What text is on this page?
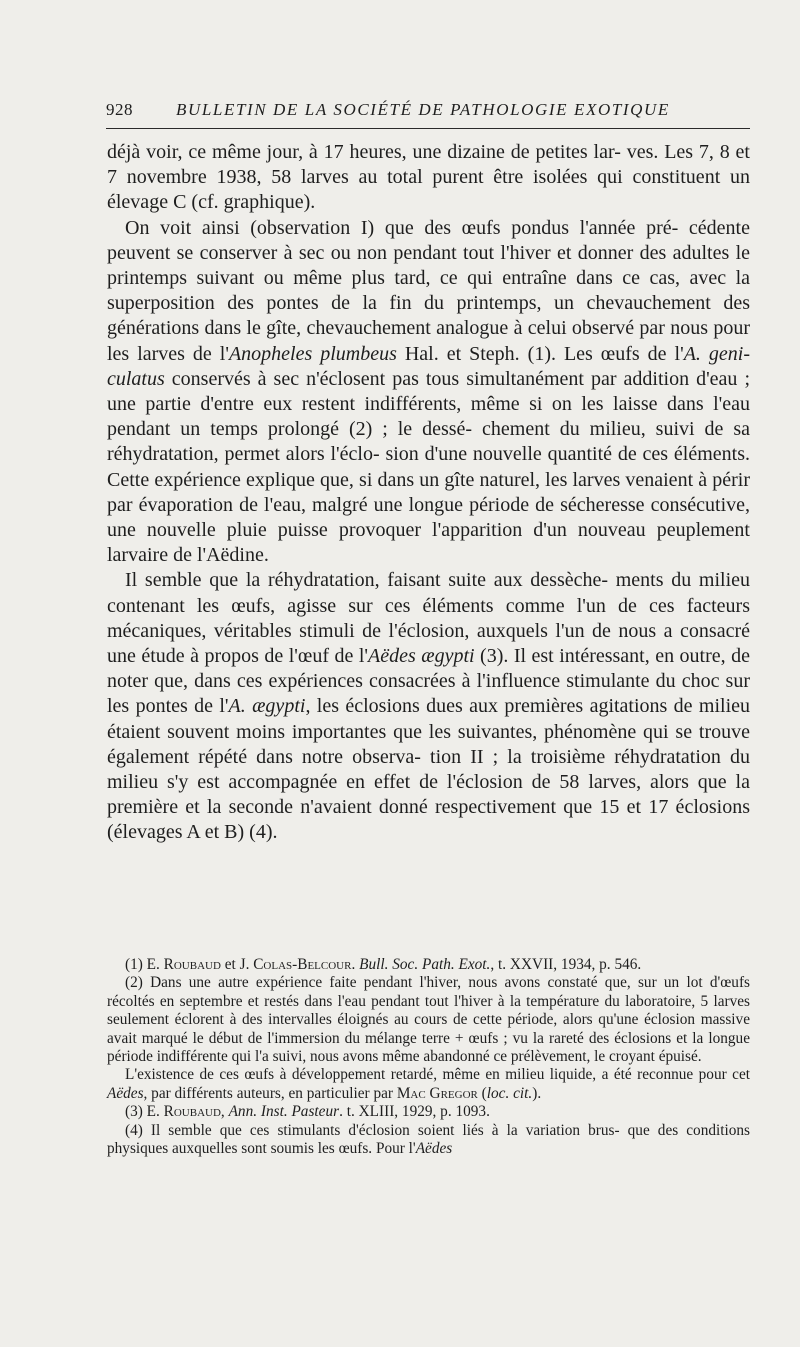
928	BULLETIN DE LA SOCIÉTÉ DE PATHOLOGIE EXOTIQUE

déjà voir, ce même jour, à 17 heures, une dizaine de petites lar- ves. Les 7, 8 et 7 novembre 1938, 58 larves au total purent être isolées qui constituent un élevage C (cf. graphique).

On voit ainsi (observation I) que des œufs pondus l'année pré- cédente peuvent se conserver à sec ou non pendant tout l'hiver et donner des adultes le printemps suivant ou même plus tard, ce qui entraîne dans ce cas, avec la superposition des pontes de la fin du printemps, un chevauchement des générations dans le gîte, chevauchement analogue à celui observé par nous pour les larves de l'Anopheles plumbeus Hal. et Steph. (1). Les œufs de l'A. geni- culatus conservés à sec n'éclosent pas tous simultanément par addition d'eau ; une partie d'entre eux restent indifférents, même si on les laisse dans l'eau pendant un temps prolongé (2) ; le dessé- chement du milieu, suivi de sa réhydratation, permet alors l'éclo- sion d'une nouvelle quantité de ces éléments. Cette expérience explique que, si dans un gîte naturel, les larves venaient à périr par évaporation de l'eau, malgré une longue période de sécheresse consécutive, une nouvelle pluie puisse provoquer l'apparition d'un nouveau peuplement larvaire de l'Aëdine.

Il semble que la réhydratation, faisant suite aux dessèche- ments du milieu contenant les œufs, agisse sur ces éléments comme l'un de ces facteurs mécaniques, véritables stimuli de l'éclosion, auxquels l'un de nous a consacré une étude à propos de l'œuf de l'Aëdes ægypti (3). Il est intéressant, en outre, de noter que, dans ces expériences consacrées à l'influence stimulante du choc sur les pontes de l'A. ægypti, les éclosions dues aux premières agitations de milieu étaient souvent moins importantes que les suivantes, phénomène qui se trouve également répété dans notre observa- tion II ; la troisième réhydratation du milieu s'y est accompagnée en effet de l'éclosion de 58 larves, alors que la première et la seconde n'avaient donné respectivement que 15 et 17 éclosions (élevages A et B) (4).

(1) E. Roubaud et J. Colas-Belcour. Bull. Soc. Path. Exot., t. XXVII, 1934, p. 546.

(2) Dans une autre expérience faite pendant l'hiver, nous avons constaté que, sur un lot d'œufs récoltés en septembre et restés dans l'eau pendant tout l'hiver à la température du laboratoire, 5 larves seulement éclorent à des intervalles éloignés au cours de cette période, alors qu'une éclosion massive avait marqué le début de l'immersion du mélange terre + œufs ; vu la rareté des éclosions et la longue période indifférente qui l'a suivi, nous avons même abandonné ce prélèvement, le croyant épuisé.

L'existence de ces œufs à développement retardé, même en milieu liquide, a été reconnue pour cet Aëdes, par différents auteurs, en particulier par Mac Gregor (loc. cit.).

(3) E. Roubaud, Ann. Inst. Pasteur. t. XLIII, 1929, p. 1093.

(4) Il semble que ces stimulants d'éclosion soient liés à la variation brus- que des conditions physiques auxquelles sont soumis les œufs. Pour l'Aëdes
